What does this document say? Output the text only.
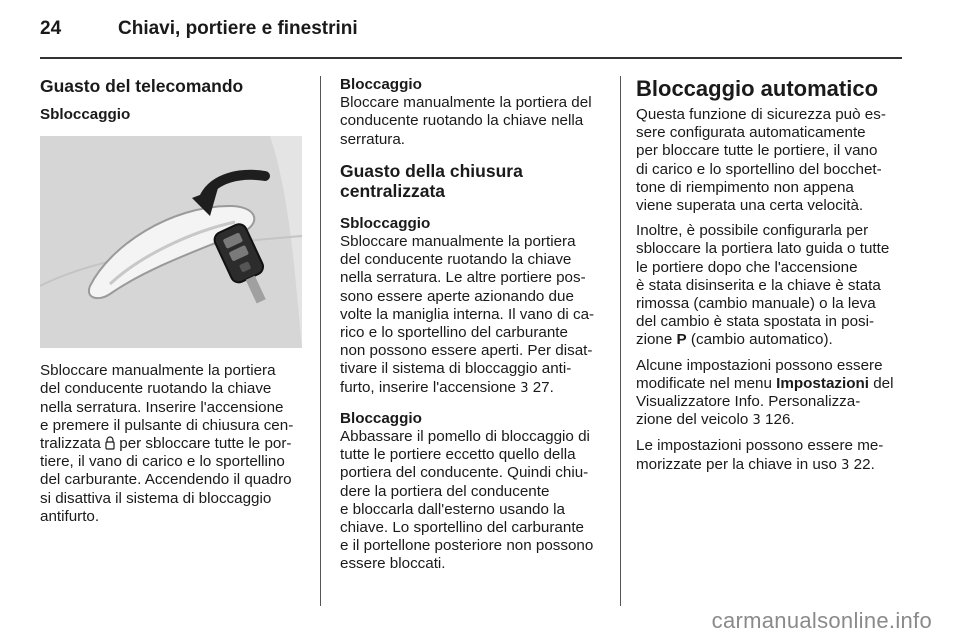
24	Chiavi, portiere e finestrini
Guasto del telecomando
Sbloccaggio
Sbloccare manualmente la portiera
del conducente ruotando la chiave
nella serratura. Inserire l'accensione
e premere il pulsante di chiusura cen-
tralizzata per sbloccare tutte le por-
tiere, il vano di carico e lo sportellino
del carburante. Accendendo il quadro
si disattiva il sistema di bloccaggio
antifurto.
Bloccaggio
Bloccare manualmente la portiera del
conducente ruotando la chiave nella
serratura.
Guasto della chiusura
centralizzata
Sbloccaggio
Sbloccare manualmente la portiera
del conducente ruotando la chiave
nella serratura. Le altre portiere pos-
sono essere aperte azionando due
volte la maniglia interna. Il vano di ca-
rico e lo sportellino del carburante
non possono essere aperti. Per disat-
tivare il sistema di bloccaggio anti-
furto, inserire l'accensione 3 27.
Bloccaggio
Abbassare il pomello di bloccaggio di
tutte le portiere eccetto quello della
portiera del conducente. Quindi chiu-
dere la portiera del conducente
e bloccarla dall'esterno usando la
chiave. Lo sportellino del carburante
e il portellone posteriore non possono
essere bloccati.
Bloccaggio automatico

Questa funzione di sicurezza può es-
sere configurata automaticamente
per bloccare tutte le portiere, il vano
di carico e lo sportellino del bocchet-
tone di riempimento non appena
viene superata una certa velocità.

Inoltre, è possibile configurarla per
sbloccare la portiera lato guida o tutte
le portiere dopo che l'accensione
è stata disinserita e la chiave è stata
rimossa (cambio manuale) o la leva
del cambio è stata spostata in posi-
zione P (cambio automatico).

Alcune impostazioni possono essere
modificate nel menu Impostazioni del
Visualizzatore Info. Personalizza-
zione del veicolo 3 126.

Le impostazioni possono essere me-
morizzate per la chiave in uso 3 22.

carmanualsonline.info
